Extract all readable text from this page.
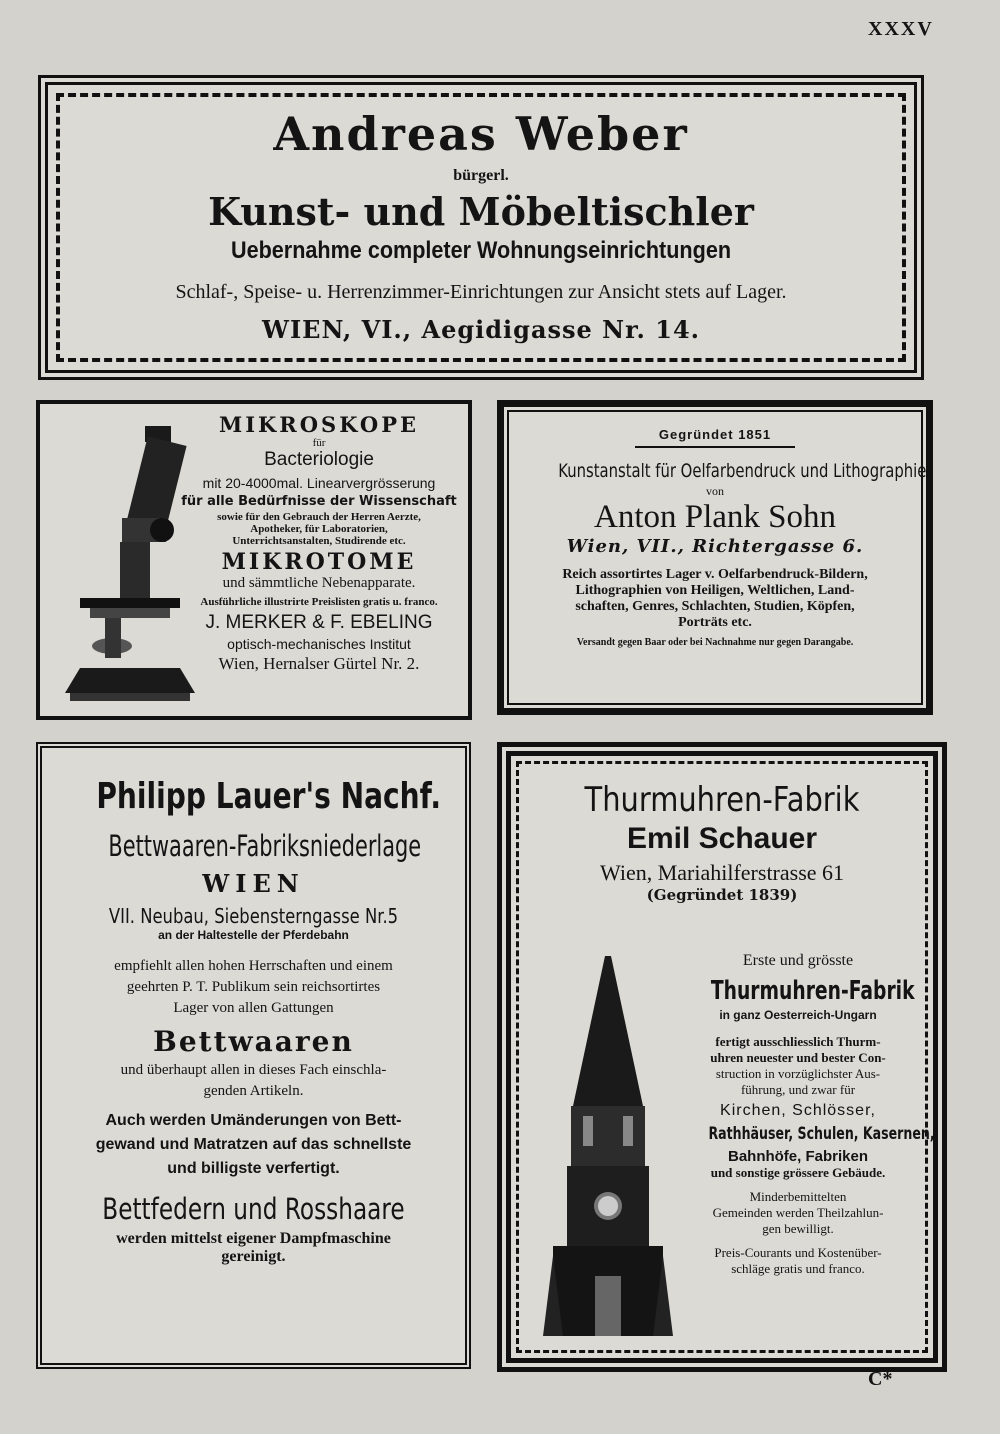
XXXV

Andreas Weber

bürgerl.

Kunst- und Möbeltischler

Uebernahme completer Wohnungseinrichtungen

Schlaf-, Speise- u. Herrenzimmer-Einrichtungen zur Ansicht stets auf Lager.

WIEN, VI., Aegidigasse Nr. 14.

MIKROSKOPE

für

Bacteriologie

mit 20-4000mal. Linearvergrösserung

für alle Bedürfnisse der Wissenschaft

sowie für den Gebrauch der Herren Aerzte,

Apotheker, für Laboratorien,

Unterrichtsanstalten, Studirende etc.

MIKROTOME

und sämmtliche Nebenapparate.

Ausführliche illustrirte Preislisten gratis u. franco.

J. MERKER & F. EBELING

optisch-mechanisches Institut

Wien, Hernalser Gürtel Nr. 2.

Gegründet 1851

Kunstanstalt für Oelfarbendruck und Lithographie

von

Anton Plank Sohn

Wien, VII., Richtergasse 6.

Reich assortirtes Lager v. Oelfarbendruck-Bildern,

Lithographien von Heiligen, Weltlichen, Land-

schaften, Genres, Schlachten, Studien, Köpfen,

Porträts etc.

Versandt gegen Baar oder bei Nachnahme nur gegen Darangabe.

Philipp Lauer's Nachf.

Bettwaaren-Fabriksniederlage

WIEN

VII. Neubau, Siebensterngasse Nr.5

an der Haltestelle der Pferdebahn

empfiehlt allen hohen Herrschaften und einem

geehrten P. T. Publikum sein reichsortirtes

Lager von allen Gattungen

Bettwaaren

und überhaupt allen in dieses Fach einschla-

genden Artikeln.

Auch werden Umänderungen von Bett-

gewand und Matratzen auf das schnellste

und billigste verfertigt.

Bettfedern und Rosshaare

werden mittelst eigener Dampfmaschine

gereinigt.

Thurmuhren-Fabrik

Emil Schauer

Wien, Mariahilferstrasse 61

(Gegründet 1839)

Erste und grösste

Thurmuhren-Fabrik

in ganz Oesterreich-Ungarn

fertigt ausschliesslich Thurm-

uhren neuester und bester Con-

struction in vorzüglichster Aus-

führung, und zwar für

Kirchen, Schlösser,

Rathhäuser, Schulen, Kasernen,

Bahnhöfe, Fabriken

und sonstige grössere Gebäude.

Minderbemittelten

Gemeinden werden Theilzahlun-

gen bewilligt.

Preis-Courants und Kostenüber-

schläge gratis und franco.

C*
